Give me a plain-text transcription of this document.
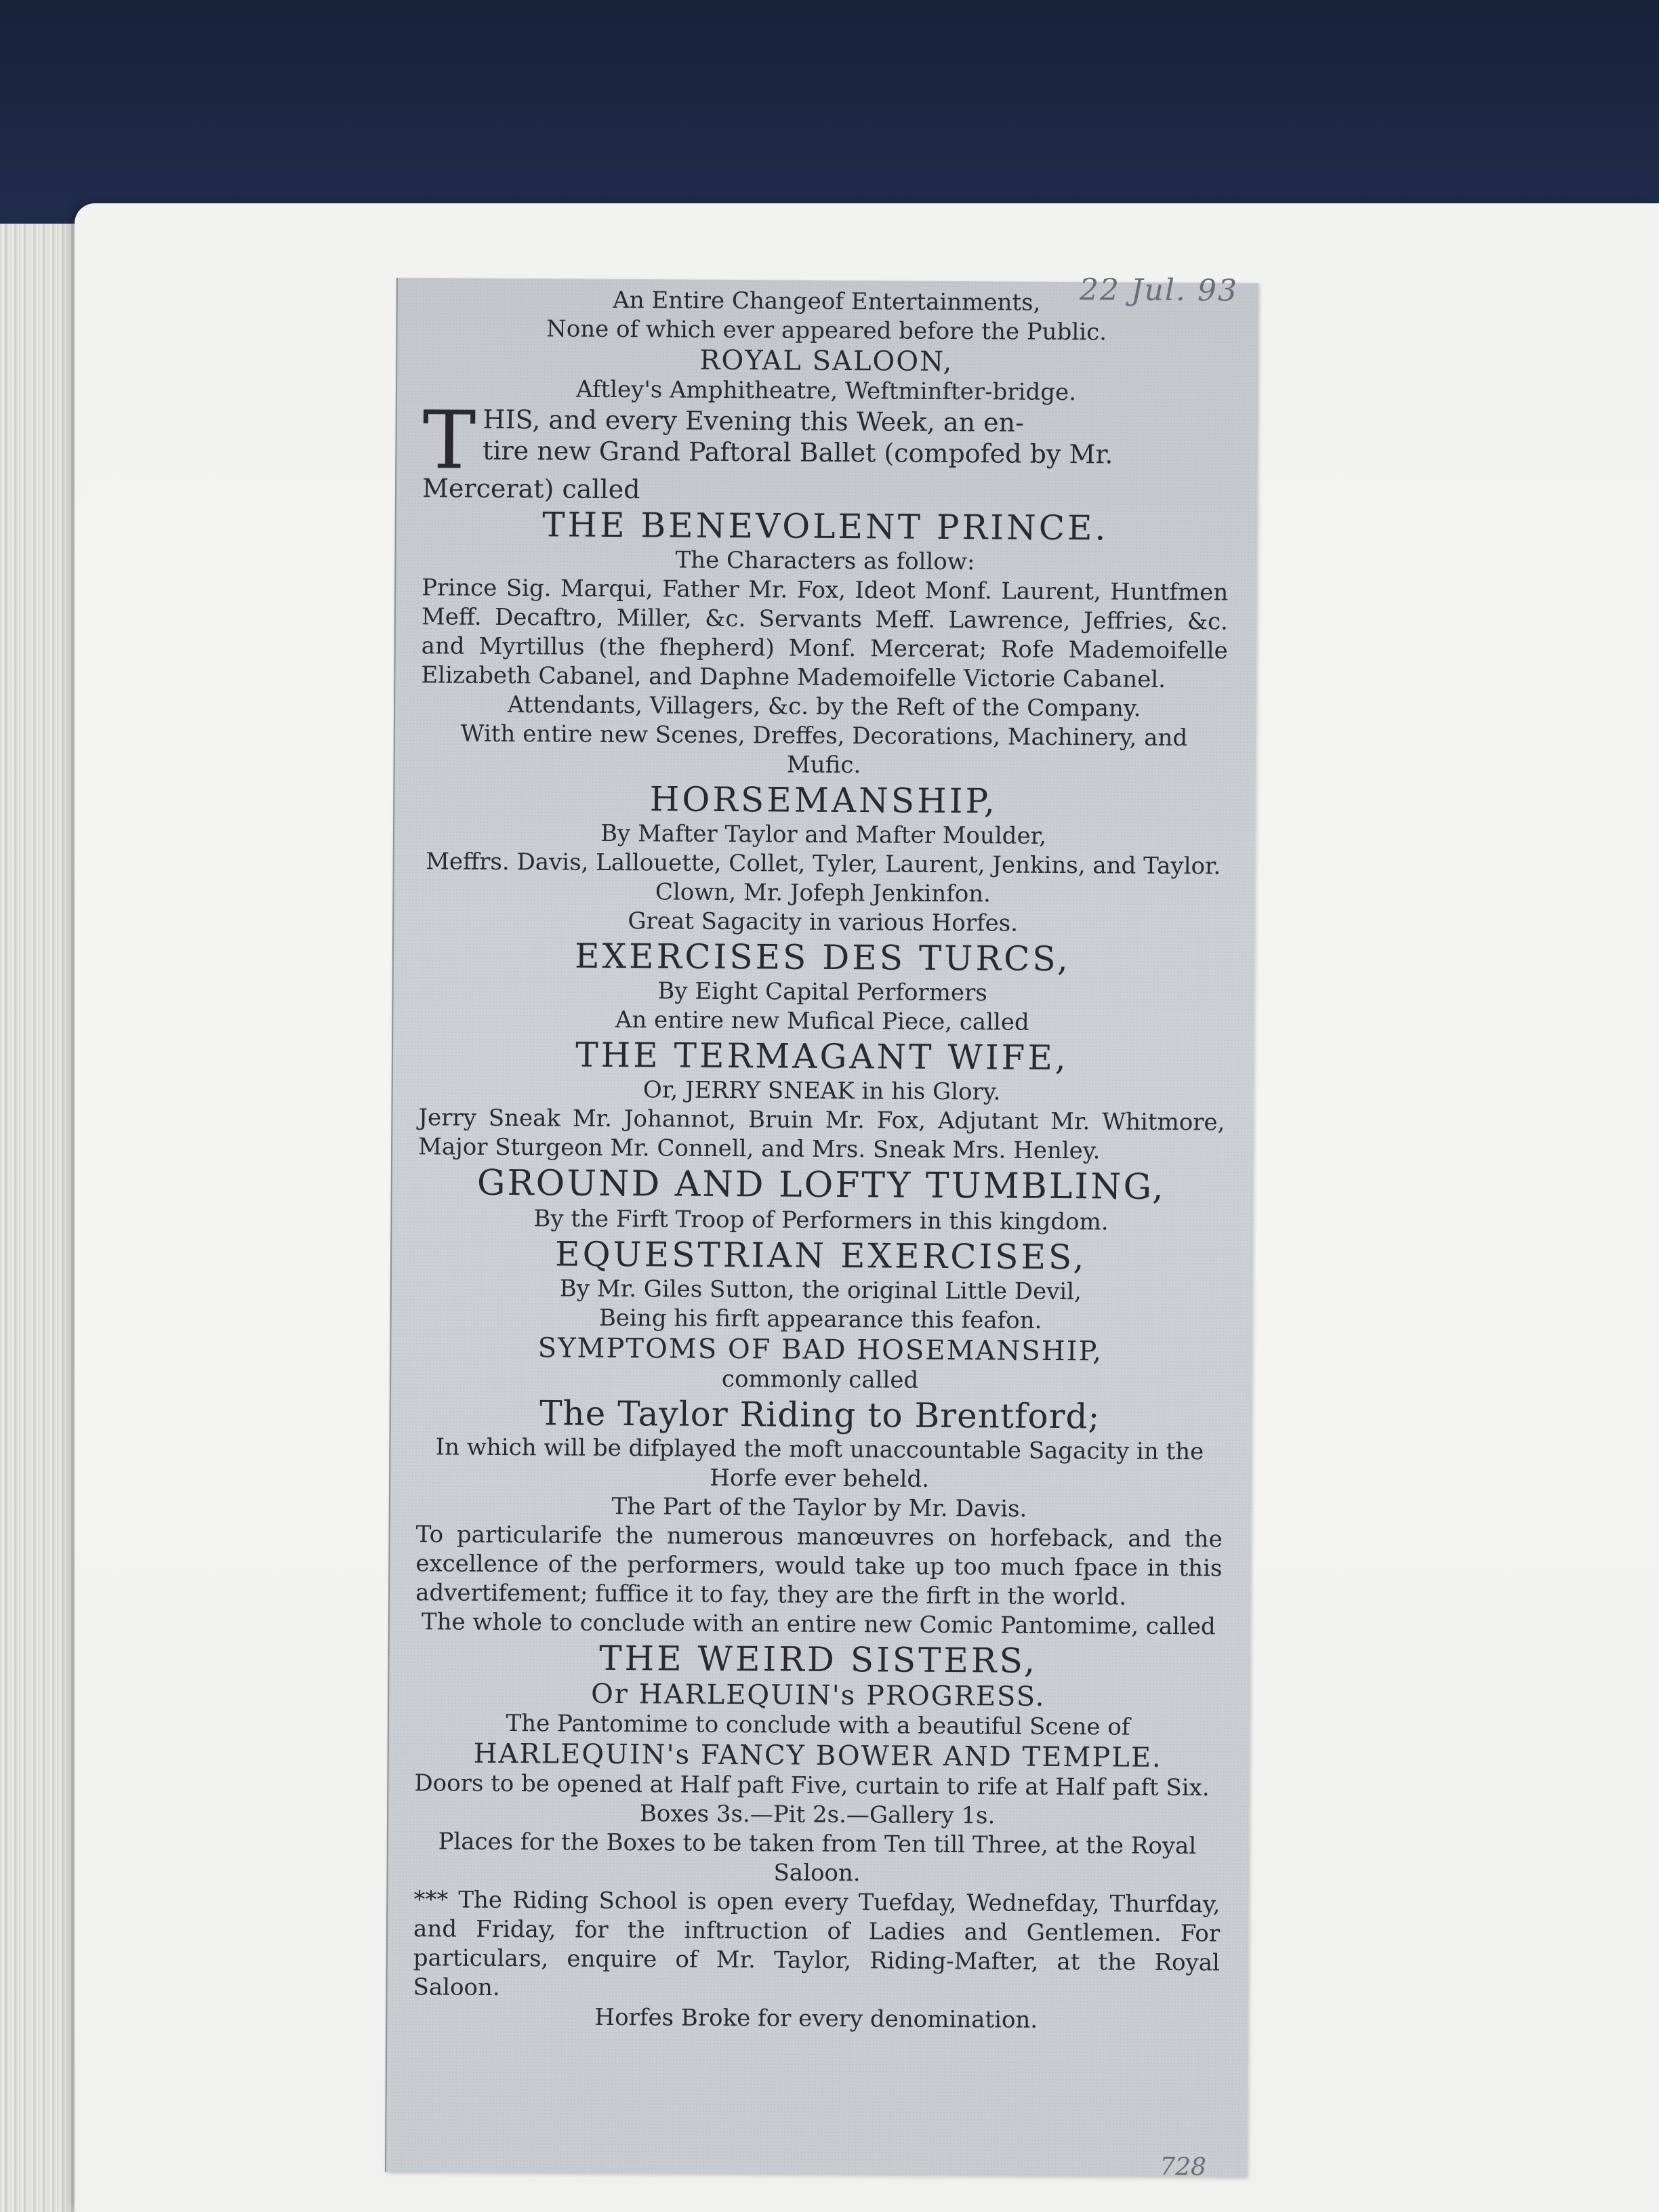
22 Jul. 93

An Entire Changeof Entertainments,

None of which ever appeared before the Public.

ROYAL SALOON,

Aftley's Amphitheatre, Weftminfter-bridge.

T HIS, and every Evening this Week, an en-

tire new Grand Paftoral Ballet (compofed by Mr.

Mercerat) called

THE BENEVOLENT PRINCE.

The Characters as follow:

Prince Sig. Marqui, Father Mr. Fox, Ideot Monf. Laurent, Huntfmen Meff. Decaftro, Miller, &c. Servants Meff. Lawrence, Jeffries, &c. and Myrtillus (the fhepherd) Monf. Mercerat; Rofe Mademoifelle Elizabeth Cabanel, and Daphne Mademoifelle Victorie Cabanel.

Attendants, Villagers, &c. by the Reft of the Company.

With entire new Scenes, Dreffes, Decorations, Machinery, and Mufic.

HORSEMANSHIP,

By Mafter Taylor and Mafter Moulder,

Meffrs. Davis, Lallouette, Collet, Tyler, Laurent, Jenkins, and Taylor.

Clown, Mr. Jofeph Jenkinfon.

Great Sagacity in various Horfes.

EXERCISES DES TURCS,

By Eight Capital Performers

An entire new Mufical Piece, called

THE TERMAGANT WIFE,

Or, JERRY SNEAK in his Glory.

Jerry Sneak Mr. Johannot, Bruin Mr. Fox, Adjutant Mr. Whitmore, Major Sturgeon Mr. Connell, and Mrs. Sneak Mrs. Henley.

GROUND AND LOFTY TUMBLING,

By the Firft Troop of Performers in this kingdom.

EQUESTRIAN EXERCISES,

By Mr. Giles Sutton, the original Little Devil,

Being his firft appearance this feafon.

SYMPTOMS OF BAD HOSEMANSHIP,

commonly called

The Taylor Riding to Brentford;

In which will be difplayed the moft unaccountable Sagacity in the Horfe ever beheld.

The Part of the Taylor by Mr. Davis.

To particularife the numerous manœuvres on horfeback, and the excellence of the performers, would take up too much fpace in this advertifement; fuffice it to fay, they are the firft in the world.

The whole to conclude with an entire new Comic Pantomime, called

THE WEIRD SISTERS,

Or HARLEQUIN's PROGRESS.

The Pantomime to conclude with a beautiful Scene of

HARLEQUIN's FANCY BOWER AND TEMPLE.

Doors to be opened at Half paft Five, curtain to rife at Half paft Six.

Boxes 3s.—Pit 2s.—Gallery 1s.

Places for the Boxes to be taken from Ten till Three, at the Royal Saloon.

*** The Riding School is open every Tuefday, Wednefday, Thurfday, and Friday, for the inftruction of Ladies and Gentlemen. For particulars, enquire of Mr. Taylor, Riding-Mafter, at the Royal Saloon.

Horfes Broke for every denomination.

728
